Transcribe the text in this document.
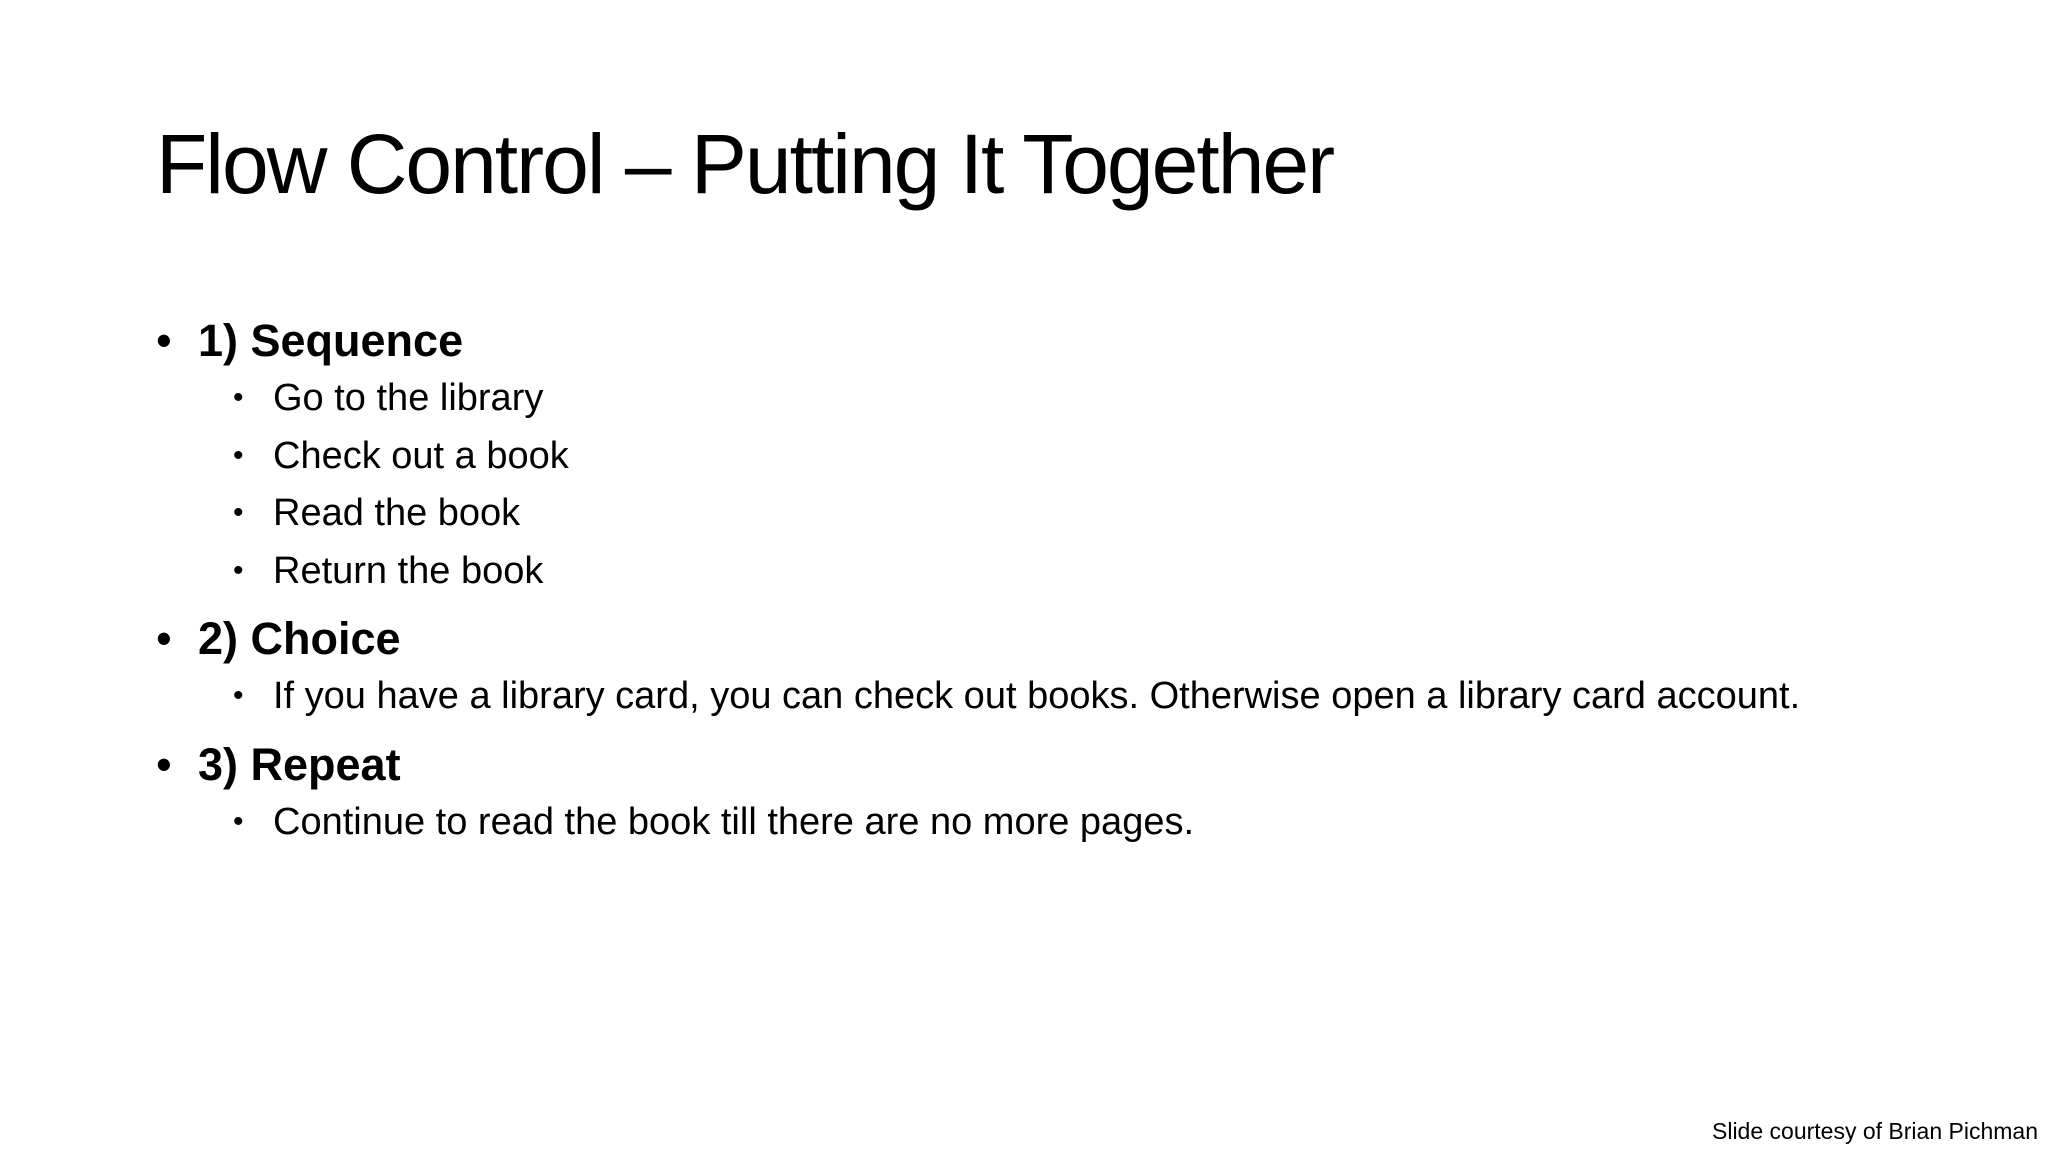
Flow Control – Putting It Together
• 1) Sequence
• Go to the library
• Check out a book
• Read the book
• Return the book
• 2) Choice
• If you have a library card, you can check out books. Otherwise open a library card account.
• 3) Repeat
• Continue to read the book till there are no more pages.
Slide courtesy of Brian Pichman
